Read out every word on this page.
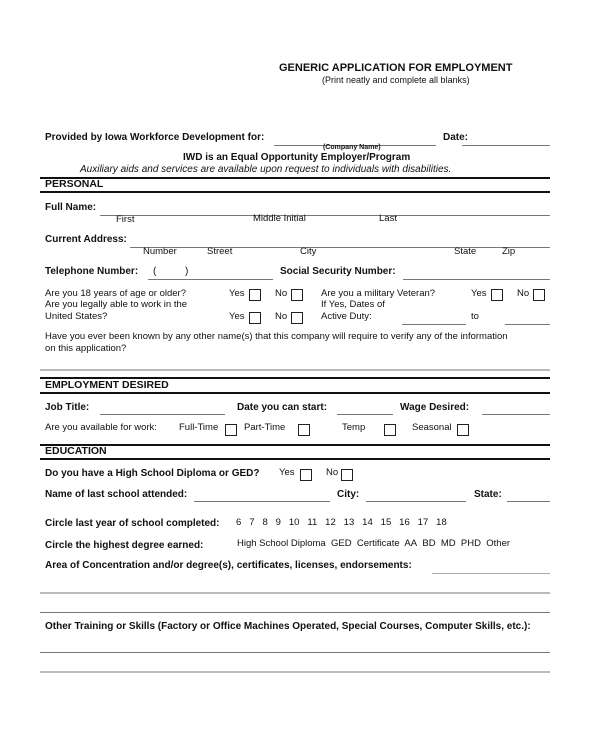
GENERIC APPLICATION FOR EMPLOYMENT
(Print neatly and complete all blanks)
Provided by Iowa Workforce Development for:
(Company Name)
Date:
IWD is an Equal Opportunity Employer/Program
Auxiliary aids and services are available upon request to individuals with disabilities.
PERSONAL
Full Name:
First	Middle Initial	Last
Current Address:
Number	Street	City	State	Zip
Telephone Number: (	)	Social Security Number:
Are you 18 years of age or older?	Yes	No	Are you a military Veteran?	Yes	No
Are you legally able to work in the	If Yes, Dates of
United States?	Yes	No	Active Duty:	to
Have you ever been known by any other name(s) that this company will require to verify any of the information
on this application?
EMPLOYMENT DESIRED
Job Title:	Date you can start:	Wage Desired:
Are you available for work: Full-Time	Part-Time	Temp	Seasonal
EDUCATION
Do you have a High School Diploma or GED? Yes	No
Name of last school attended:	City:	State:
Circle last year of school completed: 6 7 8 9 10 11 12 13 14 15 16 17 18
Circle the highest degree earned:	High School Diploma GED Certificate AA BD MD PHD Other
Area of Concentration and/or degree(s), certificates, licenses, endorsements:
Other Training or Skills (Factory or Office Machines Operated, Special Courses, Computer Skills, etc.):
